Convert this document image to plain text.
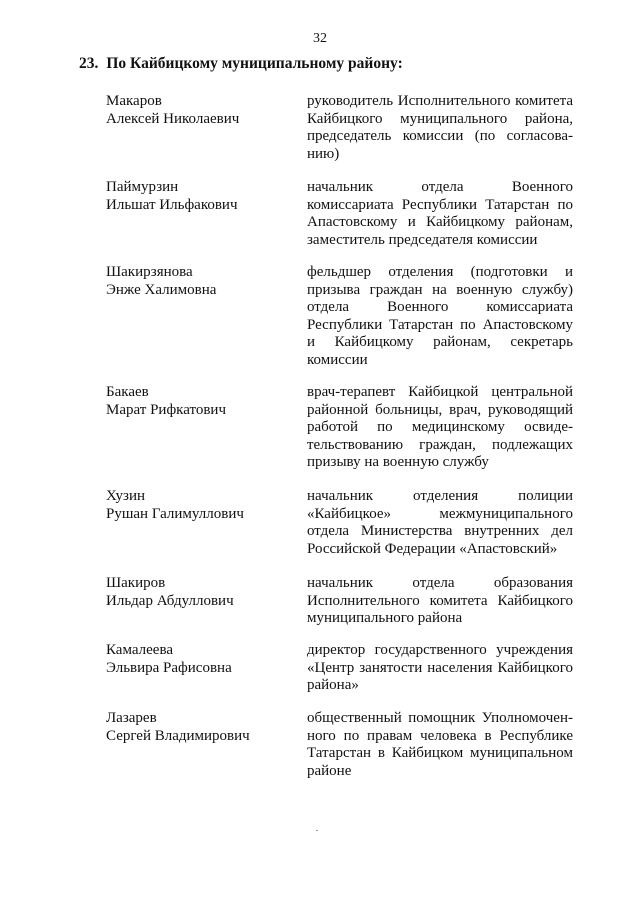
32
23. По Кайбицкому муниципальному району:
Макаров
Алексей Николаевич
руководитель Исполнительного комитета
Кайбицкого муниципального района,
председатель комиссии (по согласова-
нию)
Паймурзин
Ильшат Ильфакович
начальник отдела Военного
комиссариата Республики Татарстан по
Апастовскому и Кайбицкому районам,
заместитель председателя комиссии
Шакирзянова
Энже Халимовна
фельдшер отделения (подготовки и
призыва граждан на военную службу)
отдела Военного комиссариата
Республики Татарстан по Апастовскому
и Кайбицкому районам, секретарь
комиссии
Бакаев
Марат Рифкатович
врач-терапевт Кайбицкой центральной
районной больницы, врач, руководящий
работой по медицинскому освиде-
тельствованию граждан, подлежащих
призыву на военную службу
Хузин
Рушан Галимуллович
начальник отделения полиции
«Кайбицкое» межмуниципального
отдела Министерства внутренних дел
Российской Федерации «Апастовский»
Шакиров
Ильдар Абдуллович
начальник отдела образования
Исполнительного комитета Кайбицкого
муниципального района
Камалеева
Эльвира Рафисовна
директор государственного учреждения
«Центр занятости населения Кайбицкого
района»
Лазарев
Сергей Владимирович
общественный помощник Уполномочен-
ного по правам человека в Республике
Татарстан в Кайбицком муниципальном
районе
